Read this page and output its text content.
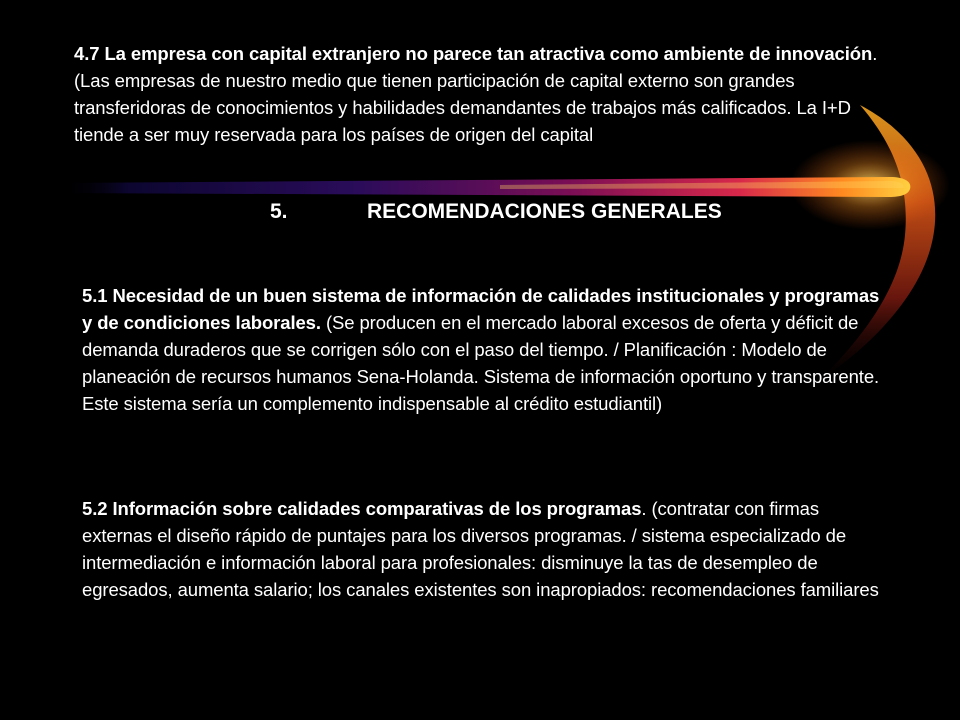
4.7 La empresa con capital extranjero no parece tan atractiva como ambiente de innovación. (Las empresas de nuestro medio que tienen participación de capital externo son grandes transferidoras de conocimientos y habilidades demandantes de trabajos más calificados. La I+D tiende a ser muy reservada para los países de origen del capital

5.	RECOMENDACIONES GENERALES

5.1 Necesidad de un buen sistema de información de calidades institucionales y programas y de condiciones laborales. (Se producen en el mercado laboral excesos de oferta y déficit de demanda duraderos que se corrigen sólo con el paso del tiempo. / Planificación : Modelo de planeación de recursos humanos Sena-Holanda. Sistema de información oportuno y transparente. Este sistema sería un complemento indispensable al crédito estudiantil)

5.2 Información sobre calidades comparativas de los programas. (contratar con firmas externas el diseño rápido de puntajes para los diversos programas. / sistema especializado de intermediación e información laboral para profesionales: disminuye la tas de desempleo de egresados, aumenta salario; los canales existentes son inapropiados: recomendaciones familiares
